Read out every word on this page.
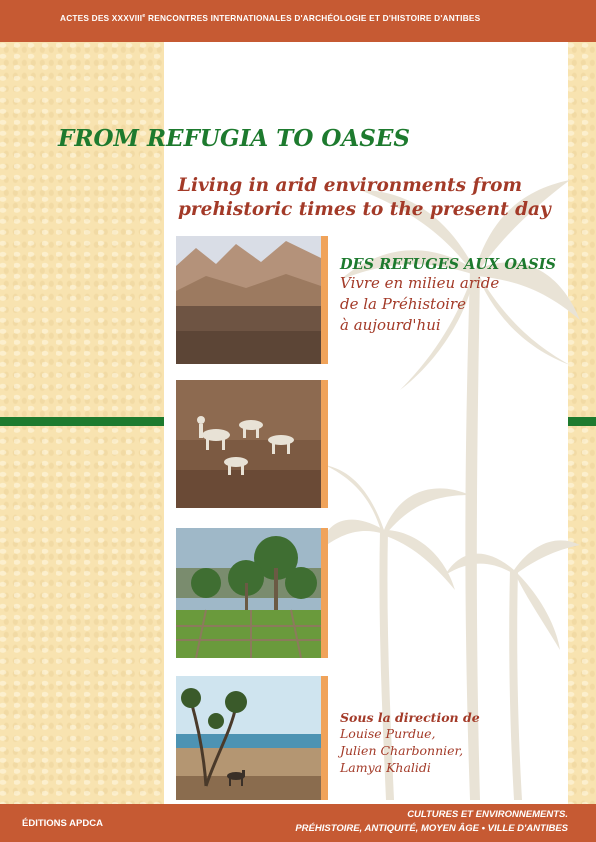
ACTES DES XXXVIIIe RENCONTRES INTERNATIONALES D'ARCHÉOLOGIE ET D'HISTOIRE D'ANTIBES
FROM REFUGIA TO OASES
Living in arid environments from
prehistoric times to the present day
DES REFUGES AUX OASIS
Vivre en milieu aride
de la Préhistoire
à aujourd'hui
Sous la direction de
Louise Purdue,
Julien Charbonnier,
Lamya Khalidi
ÉDITIONS APDCA
CULTURES ET ENVIRONNEMENTS.
PRÉHISTOIRE, ANTIQUITÉ, MOYEN ÂGE • VILLE D'ANTIBES
